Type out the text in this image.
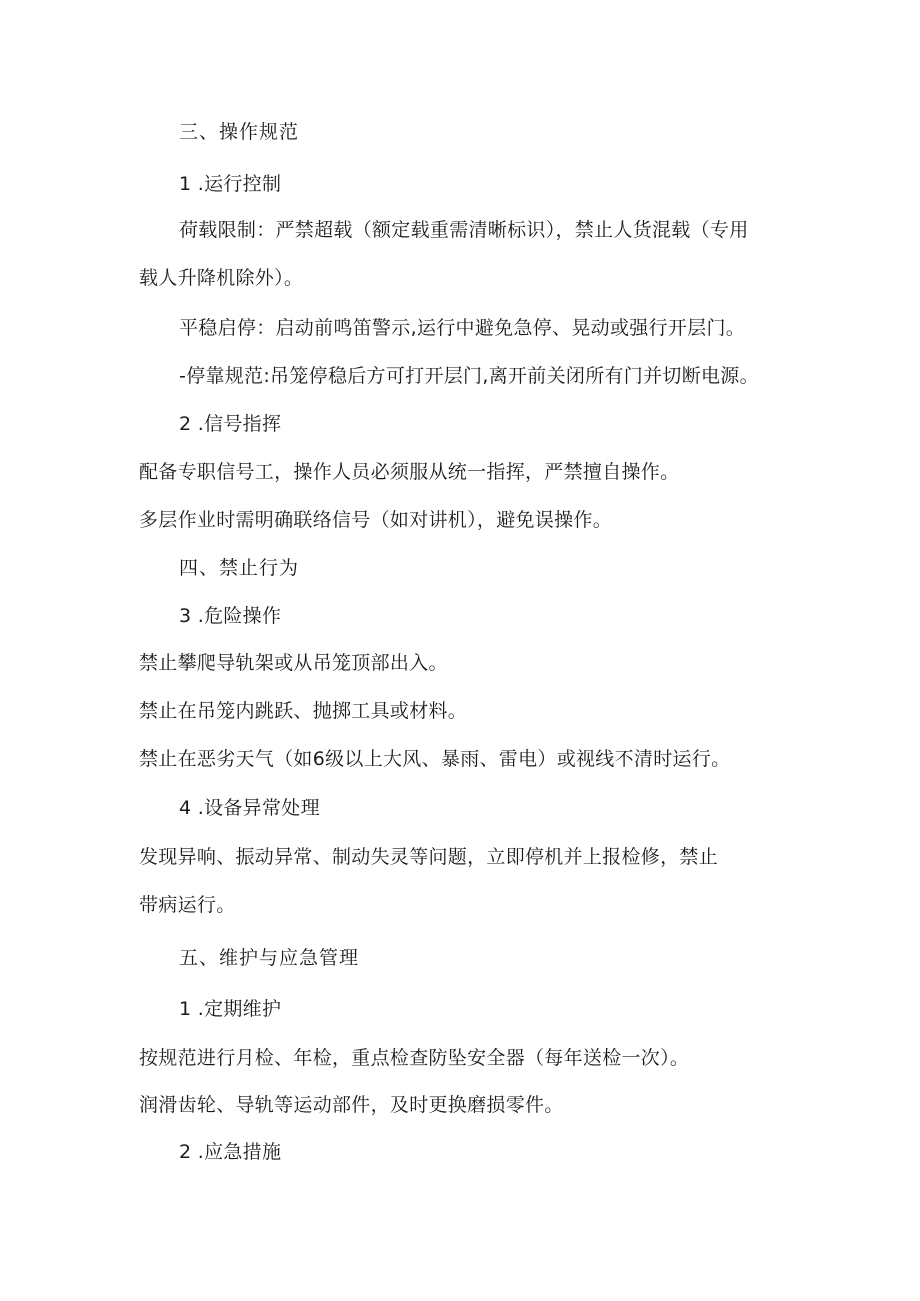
三、操作规范

1 .运行控制

荷载限制：严禁超载（额定载重需清晰标识），禁止人货混载（专用

载人升降机除外）。

平稳启停：启动前鸣笛警示,运行中避免急停、晃动或强行开层门。

-停靠规范:吊笼停稳后方可打开层门,离开前关闭所有门并切断电源。

2 .信号指挥

配备专职信号工，操作人员必须服从统一指挥，严禁擅自操作。

多层作业时需明确联络信号（如对讲机），避免误操作。

四、禁止行为

3 .危险操作

禁止攀爬导轨架或从吊笼顶部出入。

禁止在吊笼内跳跃、抛掷工具或材料。

禁止在恶劣天气（如6级以上大风、暴雨、雷电）或视线不清时运行。

4 .设备异常处理

发现异响、振动异常、制动失灵等问题，立即停机并上报检修，禁止

带病运行。

五、维护与应急管理

1 .定期维护

按规范进行月检、年检，重点检查防坠安全器（每年送检一次）。

润滑齿轮、导轨等运动部件，及时更换磨损零件。

2 .应急措施
